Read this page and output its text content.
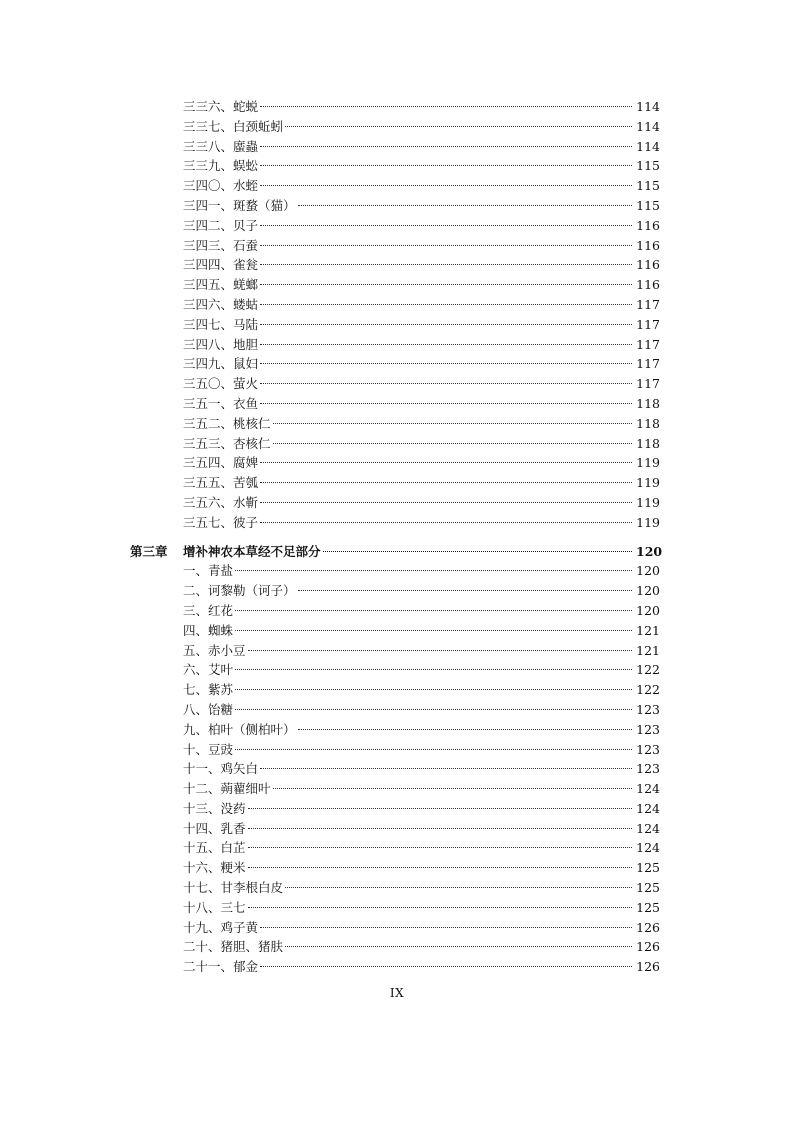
三三六、蛇蜕	114
三三七、白颈蚯蚓	114
三三八、䗪蟲	114
三三九、蜈蚣	115
三四〇、水蛭	115
三四一、斑蝥（猫）	115
三四二、贝子	116
三四三、石蚕	116
三四四、雀瓮	116
三四五、蜣螂	116
三四六、蝼蛄	117
三四七、马陆	117
三四八、地胆	117
三四九、鼠妇	117
三五〇、萤火	117
三五一、衣鱼	118
三五二、桃核仁	118
三五三、杏核仁	118
三五四、腐婢	119
三五五、苦瓠	119
三五六、水靳	119
三五七、彼子	119
第三章 增补神农本草经不足部分	120
一、青盐	120
二、诃黎勒（诃子）	120
三、红花	120
四、蜘蛛	121
五、赤小豆	121
六、艾叶	122
七、紫苏	122
八、饴糖	123
九、柏叶（侧柏叶）	123
十、豆豉	123
十一、鸡矢白	123
十二、蒴藋细叶	124
十三、没药	124
十四、乳香	124
十五、白芷	124
十六、粳米	125
十七、甘李根白皮	125
十八、三七	125
十九、鸡子黄	126
二十、猪胆、猪肤	126
二十一、郁金	126
IX
